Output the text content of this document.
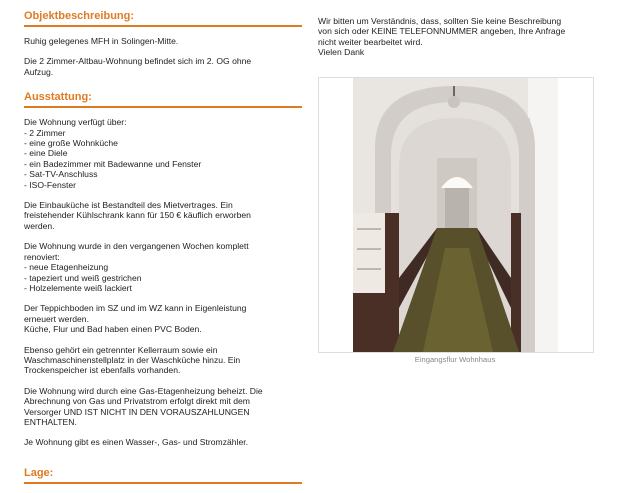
Objektbeschreibung:
Ruhig gelegenes MFH in Solingen-Mitte.
Die 2 Zimmer-Altbau-Wohnung befindet sich im 2. OG ohne
Aufzug.
Ausstattung:
Die Wohnung verfügt über:
- 2 Zimmer
- eine große Wohnküche
- eine Diele
- ein Badezimmer mit Badewanne und Fenster
- Sat-TV-Anschluss
- ISO-Fenster
Die Einbauküche ist Bestandteil des Mietvertrages. Ein
freistehender Kühlschrank kann für 150 € käuflich erworben
werden.
Die Wohnung wurde in den vergangenen Wochen komplett
renoviert:
- neue Etagenheizung
- tapeziert und weiß gestrichen
- Holzelemente weiß lackiert
Der Teppichboden im SZ und im WZ kann in Eigenleistung
erneuert werden.
Küche, Flur und Bad haben einen PVC Boden.
Ebenso gehört ein getrennter Kellerraum sowie ein
Waschmaschinenstellplatz in der Waschküche hinzu. Ein
Trockenspeicher ist ebenfalls vorhanden.
Die Wohnung wird durch eine Gas-Etagenheizung beheizt. Die
Abrechnung von Gas und Privatstrom erfolgt direkt mit dem
Versorger UND IST NICHT IN DEN VORAUSZAHLUNGEN
ENTHALTEN.
Je Wohnung gibt es einen Wasser-, Gas- und Stromzähler.
Lage:
Wir bitten um Verständnis, dass, sollten Sie keine Beschreibung
von sich oder KEINE TELEFONNUMMER angeben, Ihre Anfrage
nicht weiter bearbeitet wird.
Vielen Dank
Eingangsflur Wohnhaus
